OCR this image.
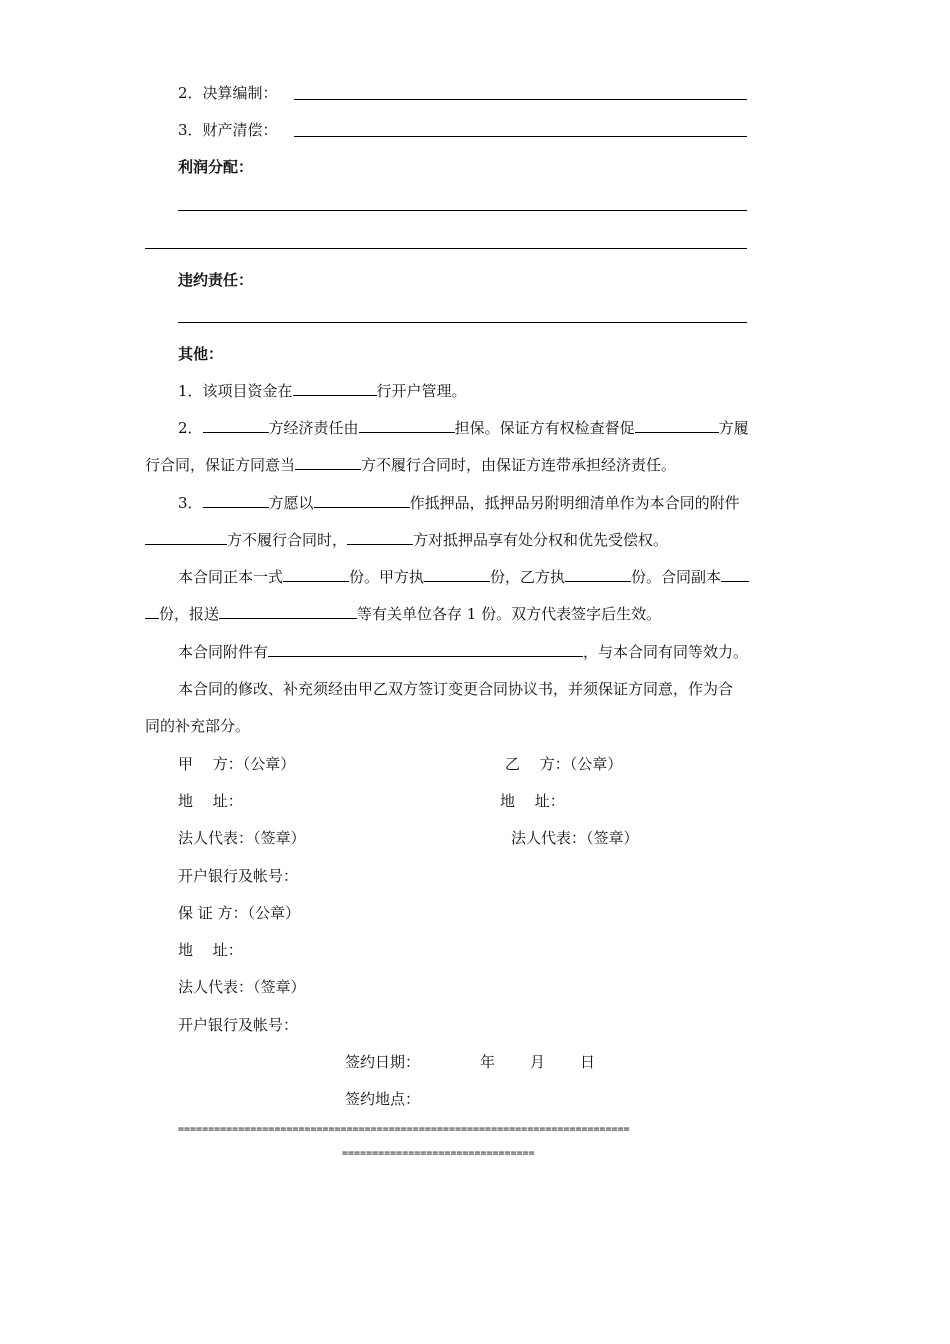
2．决算编制：
3．财产清偿：
利润分配：
违约责任：
其他：
1．该项目资金在	行开户管理。
2．	方经济责任由	担保。保证方有权检查督促	方履
行合同，保证方同意当	方不履行合同时，由保证方连带承担经济责任。
3．	方愿以	作抵押品，抵押品另附明细清单作为本合同的附件
方不履行合同时，	方对抵押品享有处分权和优先受偿权。
本合同正本一式	份。甲方执	份，乙方执	份。合同副本
份，报送	等有关单位各存 1 份。双方代表签字后生效。
本合同附件有	，与本合同有同等效力。
本合同的修改、补充须经由甲乙双方签订变更合同协议书，并须保证方同意，作为合
同的补充部分。
甲　 方：（公章）	乙　 方：（公章）
地　 址：	地　 址：
法人代表：（签章）	法人代表：（签章）
开户银行及帐号：
保 证 方：（公章）
地　 址：
法人代表：（签章）
开户银行及帐号：
签约日期：	年 月 日
签约地点：
===========================================================================
================================
